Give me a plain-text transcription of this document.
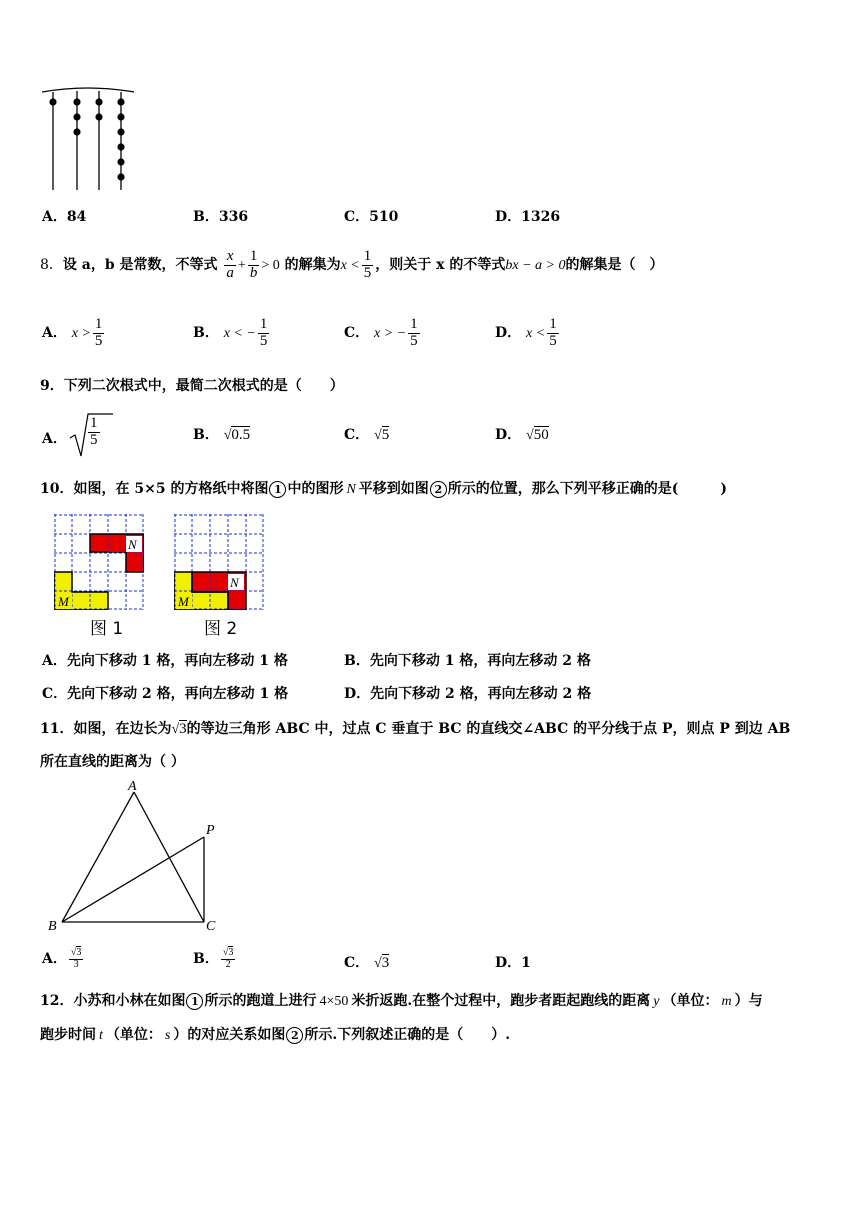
A．84	B．336	C．510	D．1326
8．设 a，b 是常数，不等式 $\frac{x}{a} + \frac{1}{b} > 0$ 的解集为$x < \frac{1}{5}$ ，则关于 x 的不等式bx − a > 0的解集是（　）
A． $x > \frac{1}{5}$	B． x < − $\frac{1}{5}$	C． x > − $\frac{1}{5}$	D． $x < \frac{1}{5}$
9．下列二次根式中，最简二次根式的是（　　）
A． $\frac{1}{5}$	B． √0.5	C． √5	D． √50
10．如图，在 5×5 的方格纸中将图 1 中的图形 N 平移到如图 2 所示的位置，那么下列平移正确的是(　　　)
N
M
图 1
N
M
图 2
A．先向下移动 1 格，再向左移动 1 格	B．先向下移动 1 格，再向左移动 2 格
C．先向下移动 2 格，再向左移动 1 格	D．先向下移动 2 格，再向左移动 2 格
11．如图，在边长为√3的等边三角形 ABC 中，过点 C 垂直于 BC 的直线交∠ABC 的平分线于点 P，则点 P 到边 AB
所在直线的距离为（ ）
A
B	C
P
A． $\frac{√3}{3}$	B． $\frac{√3}{2}$	C． √3	D．1
12．小苏和小林在如图 1 所示的跑道上进行 4×50 米折返跑.在整个过程中，跑步者距起跑线的距离 y （单位： m ）与
跑步时间 t （单位： s ）的对应关系如图 2 所示.下列叙述正确的是（　　）.
